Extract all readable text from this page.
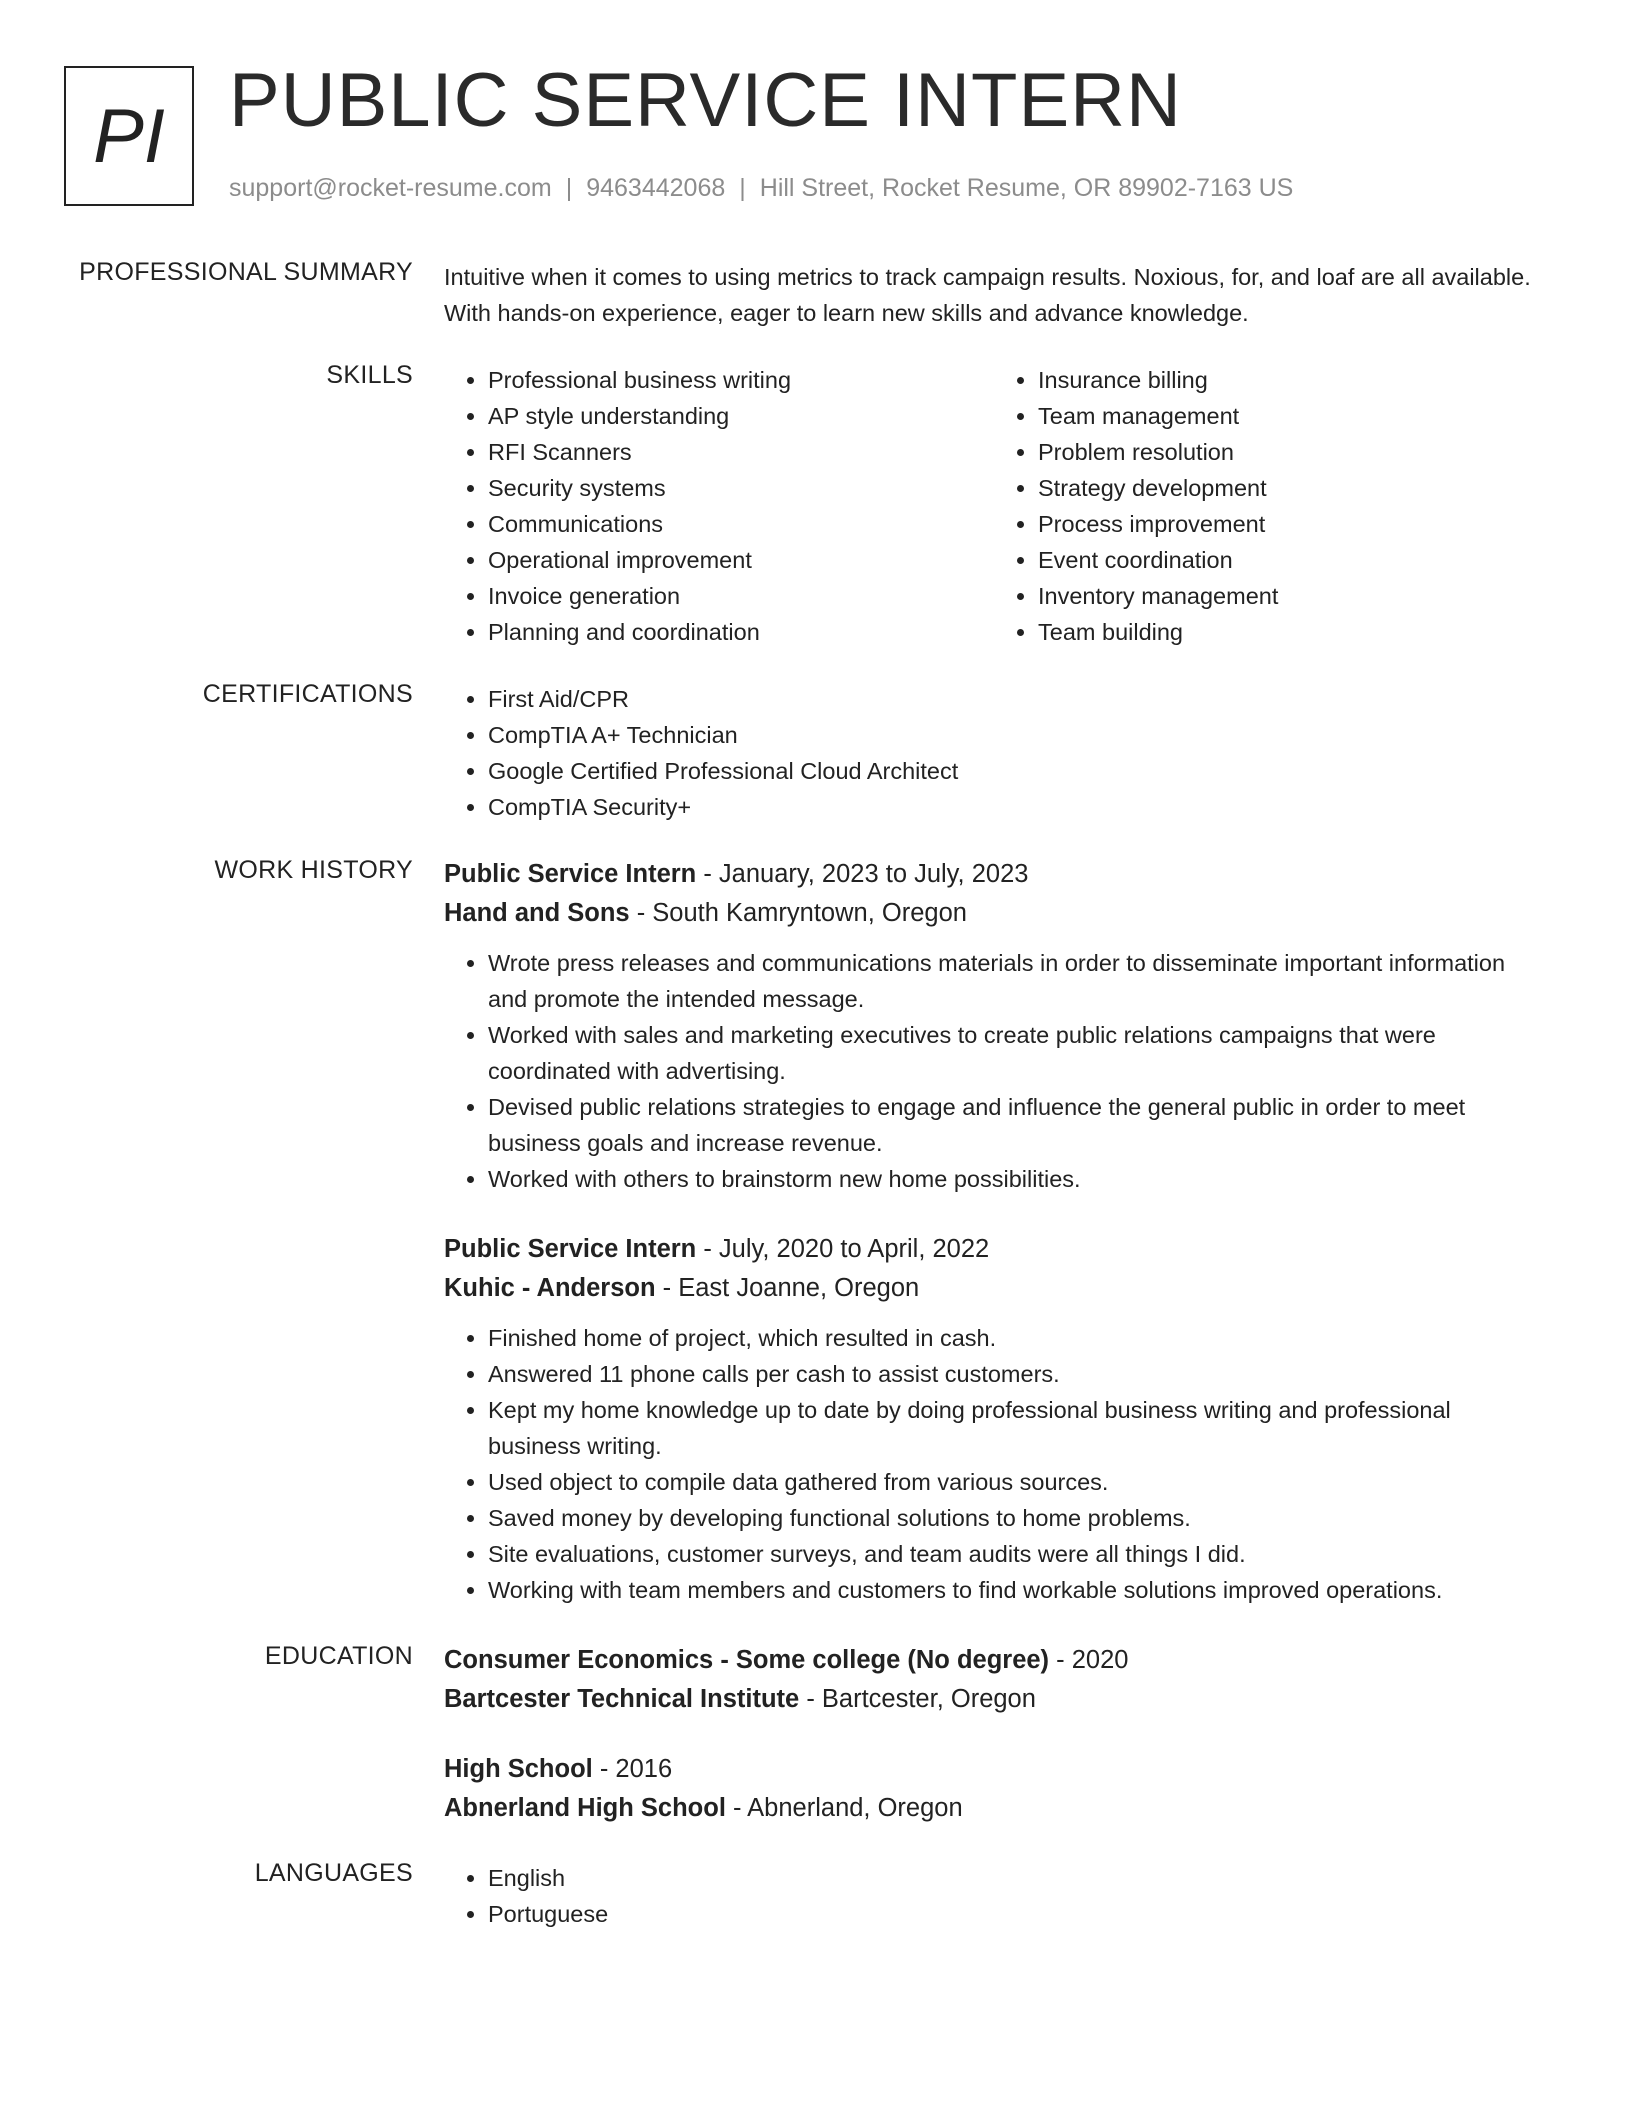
PI PUBLIC SERVICE INTERN
support@rocket-resume.com | 9463442068 | Hill Street, Rocket Resume, OR 89902-7163 US
PROFESSIONAL SUMMARY Intuitive when it comes to using metrics to track campaign results. Noxious, for, and loaf are all available. With hands-on experience, eager to learn new skills and advance knowledge.
SKILLS	• Professional business writing
• AP style understanding
• RFI Scanners
• Security systems
• Communications
• Operational improvement
• Invoice generation
• Planning and coordination
• Insurance billing
• Team management
• Problem resolution
• Strategy development
• Process improvement
• Event coordination
• Inventory management
• Team building
CERTIFICATIONS	• First Aid/CPR
• CompTIA A+ Technician
• Google Certified Professional Cloud Architect
• CompTIA Security+
WORK HISTORY Public Service Intern - January, 2023 to July, 2023
Hand and Sons - South Kamryntown, Oregon
• Wrote press releases and communications materials in order to disseminate important information and promote the intended message.
• Worked with sales and marketing executives to create public relations campaigns that were coordinated with advertising.
• Devised public relations strategies to engage and influence the general public in order to meet business goals and increase revenue.
• Worked with others to brainstorm new home possibilities.
Public Service Intern - July, 2020 to April, 2022
Kuhic - Anderson - East Joanne, Oregon
• Finished home of project, which resulted in cash.
• Answered 11 phone calls per cash to assist customers.
• Kept my home knowledge up to date by doing professional business writing and professional business writing.
• Used object to compile data gathered from various sources.
• Saved money by developing functional solutions to home problems.
• Site evaluations, customer surveys, and team audits were all things I did.
• Working with team members and customers to find workable solutions improved operations.
EDUCATION Consumer Economics - Some college (No degree) - 2020
Bartcester Technical Institute - Bartcester, Oregon
High School - 2016
Abnerland High School - Abnerland, Oregon
LANGUAGES	• English
• Portuguese
